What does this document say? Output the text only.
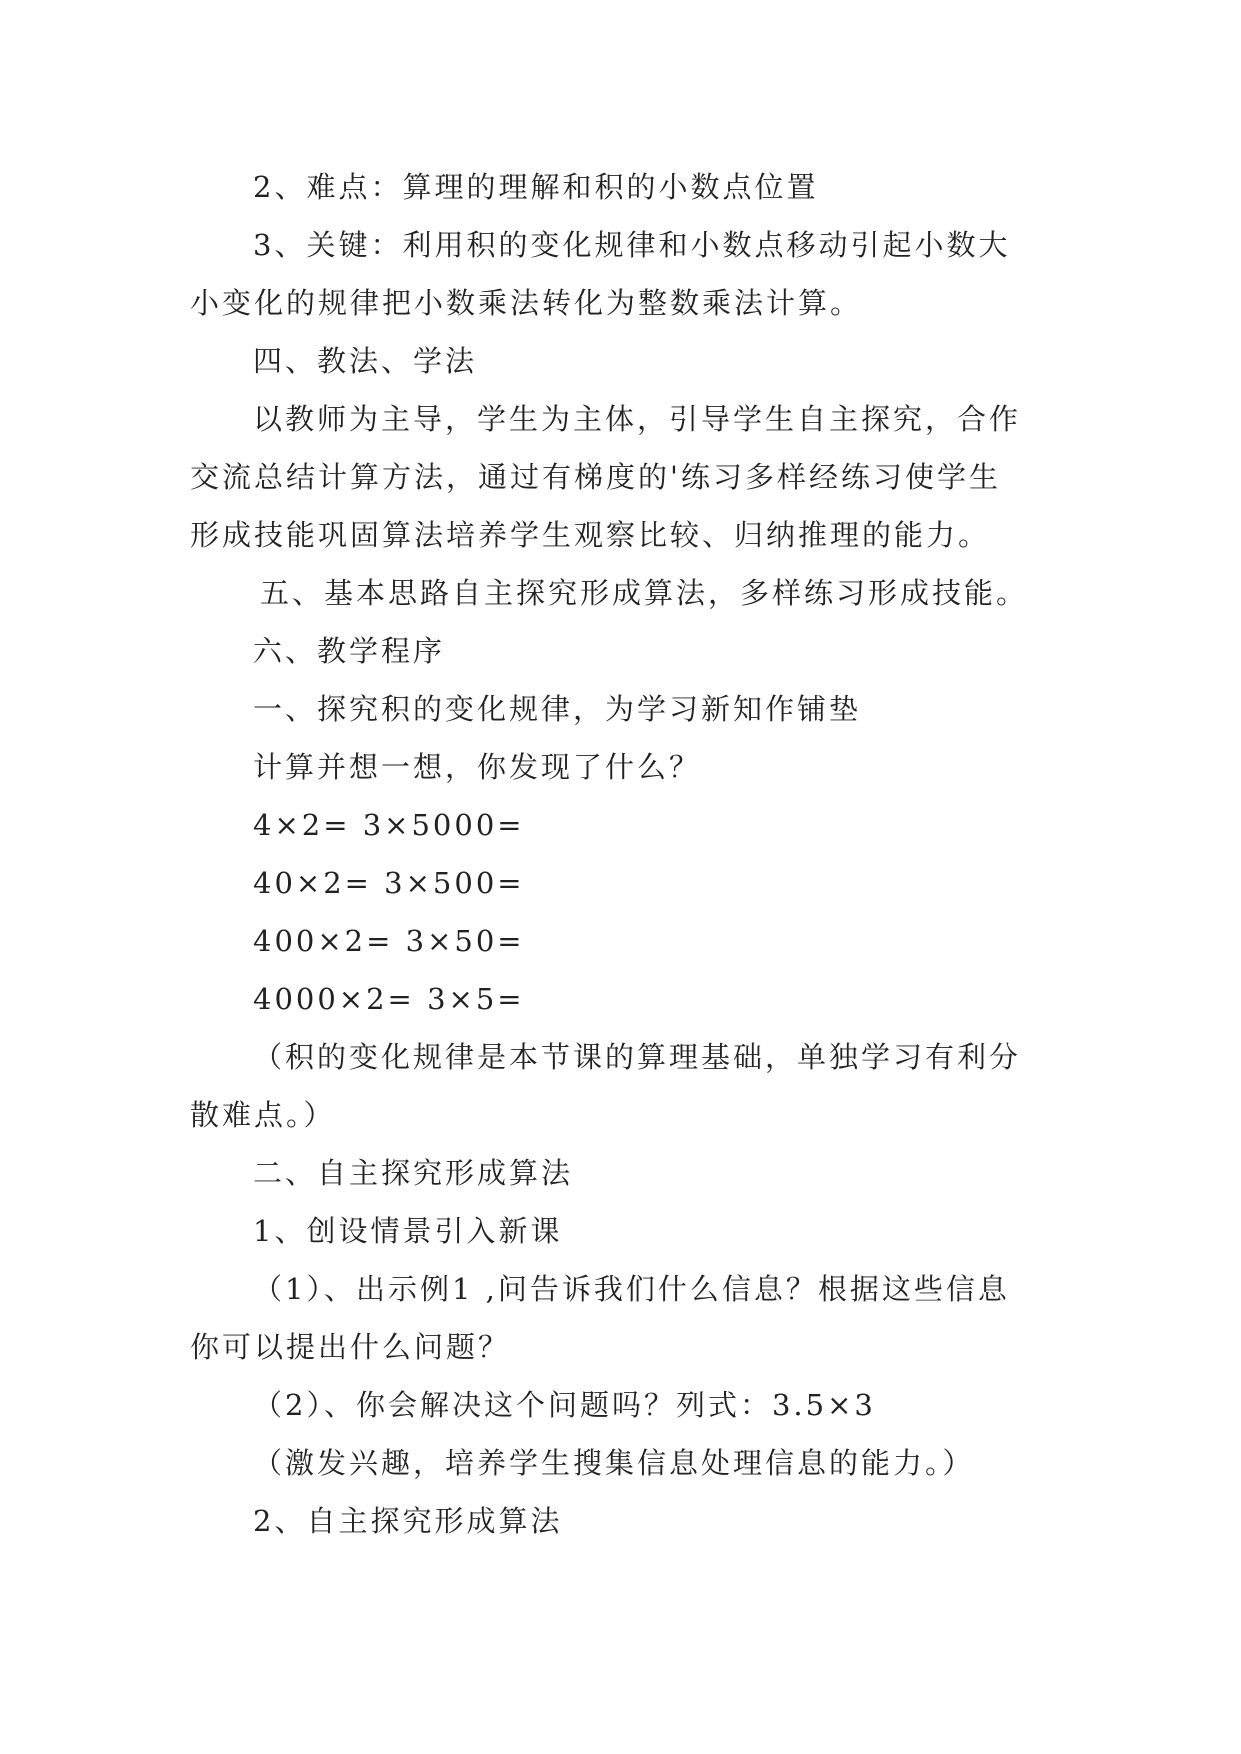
2、难点：算理的理解和积的小数点位置
3、关键：利用积的变化规律和小数点移动引起小数大
小变化的规律把小数乘法转化为整数乘法计算。
四、教法、学法
以教师为主导，学生为主体，引导学生自主探究，合作
交流总结计算方法，通过有梯度的'练习多样经练习使学生
形成技能巩固算法培养学生观察比较、归纳推理的能力。
五、基本思路自主探究形成算法，多样练习形成技能。
六、教学程序
一、探究积的变化规律，为学习新知作铺垫
计算并想一想，你发现了什么？
4×2= 3×5000=
40×2= 3×500=
400×2= 3×50=
4000×2= 3×5=
（积的变化规律是本节课的算理基础，单独学习有利分
散难点。）
二、自主探究形成算法
1、创设情景引入新课
（1）、出示例1 ,问告诉我们什么信息？根据这些信息
你可以提出什么问题？
（2）、你会解决这个问题吗？列式：3.5×3
（激发兴趣，培养学生搜集信息处理信息的能力。）
2、自主探究形成算法
